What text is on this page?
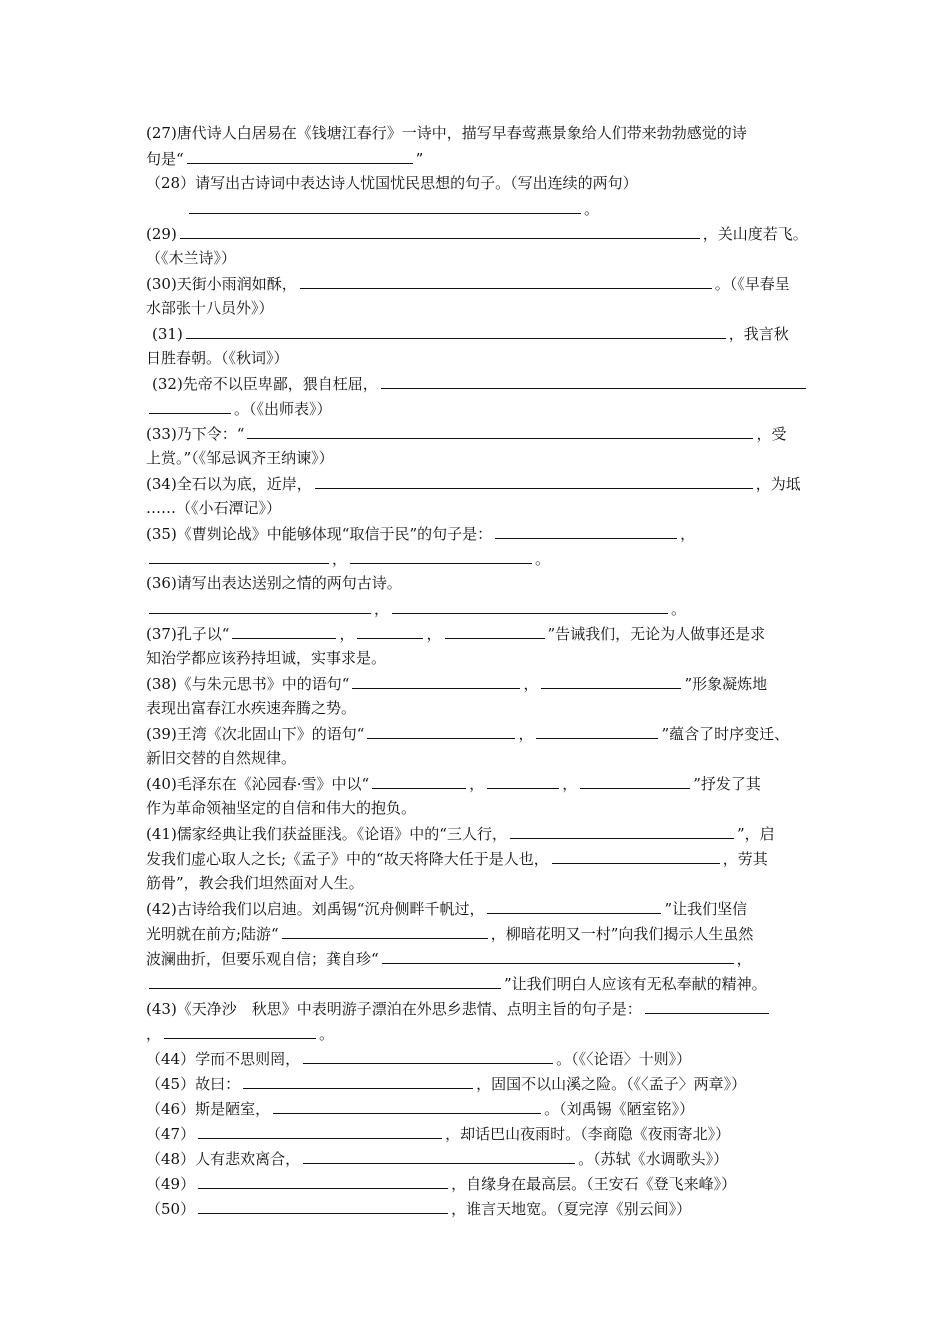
(27)唐代诗人白居易在《钱塘江春行》一诗中，描写早春莺燕景象给人们带来勃勃感觉的诗
句是“	”
（28）请写出古诗词中表达诗人忧国忧民思想的句子。（写出连续的两句）
。
(29)	，关山度若飞。
（《木兰诗》）
(30)天街小雨润如酥，	。（《早春呈
水部张十八员外》）
(31)	，我言秋
日胜春朝。（《秋词》）
(32)先帝不以臣卑鄙，猥自枉屈，
。（《出师表》）
(33)乃下令：“	，受
上赏。”（《邹忌讽齐王纳谏》）
(34)全石以为底，近岸，	，为坻
……（《小石潭记》）
(35)《曹刿论战》中能够体现“取信于民”的句子是：	，
，	。
(36)请写出表达送别之情的两句古诗。
，	。
(37)孔子以“	，	，	”告诫我们，无论为人做事还是求
知治学都应该矜持坦诚，实事求是。
(38)《与朱元思书》中的语句“	，	”形象凝炼地
表现出富春江水疾速奔腾之势。
(39)王湾《次北固山下》的语句“	，	”蕴含了时序变迁、
新旧交替的自然规律。
(40)毛泽东在《沁园春·雪》中以“	，	，	”抒发了其
作为革命领袖坚定的自信和伟大的抱负。
(41)儒家经典让我们获益匪浅。《论语》中的“三人行，	”，启
发我们虚心取人之长;《孟子》中的“故天将降大任于是人也，	，劳其
筋骨”，教会我们坦然面对人生。
(42)古诗给我们以启迪。刘禹锡“沉舟侧畔千帆过，	”让我们坚信
光明就在前方;陆游“	，柳暗花明又一村”向我们揭示人生虽然
波澜曲折，但要乐观自信；龚自珍“	，
”让我们明白人应该有无私奉献的精神。
(43)《天净沙　秋思》中表明游子漂泊在外思乡悲情、点明主旨的句子是：
，	。
（44）学而不思则罔，	。（《〈论语〉十则》）
（45）故曰：	，固国不以山溪之险。（《〈孟子〉两章》）
（46）斯是陋室，	。（刘禹锡《陋室铭》）
（47）	，却话巴山夜雨时。（李商隐《夜雨寄北》）
（48）人有悲欢离合，	。（苏轼《水调歌头》）
（49）	，自缘身在最高层。（王安石《登飞来峰》）
（50）	，谁言天地宽。（夏完淳《别云间》）
